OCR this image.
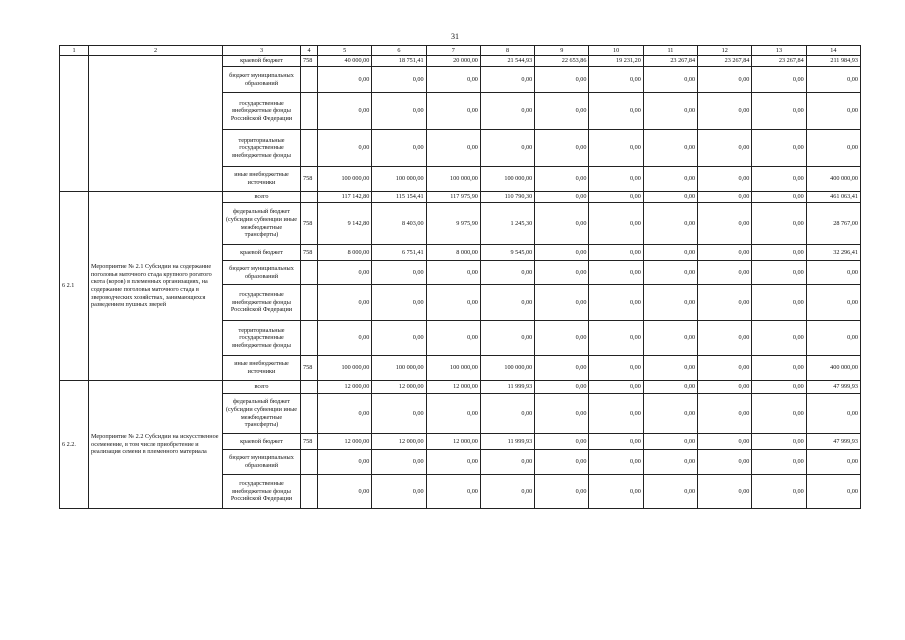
31
1	2	3	4	5	6	7	8	9	10	11	12	13	14
		краевой бюджет	758	40 000,00	18 751,41	20 000,00	21 544,93	22 653,86	19 231,20	23 267,84	23 267,84	23 267,84	211 984,93
		бюджет муниципальных образований		0,00	0,00	0,00	0,00	0,00	0,00	0,00	0,00	0,00	0,00
		государственные внебюджетные фонды Российской Федерации		0,00	0,00	0,00	0,00	0,00	0,00	0,00	0,00	0,00	0,00
		территориальные государственные внебюджетные фонды		0,00	0,00	0,00	0,00	0,00	0,00	0,00	0,00	0,00	0,00
		иные внебюджетные источники	758	100 000,00	100 000,00	100 000,00	100 000,00	0,00	0,00	0,00	0,00	0,00	400 000,00
6 2.1	Мероприятие № 2.1 Субсидии на содержание поголовья маточного стада крупного рогатого скота (коров) в племенных организациях, на содержание поголовья маточного стада в звероводческих хозяйствах, занимающихся разведением пушных зверей	всего		117 142,80	115 154,41	117 975,90	110 790,30	0,00	0,00	0,00	0,00	0,00	461 063,41
		федеральный бюджет (субсидии субвенции иные межбюджетные трансферты)	758	9 142,80	8 403,00	9 975,90	1 245,30	0,00	0,00	0,00	0,00	0,00	28 767,00
		краевой бюджет	758	8 000,00	6 751,41	8 000,00	9 545,00	0,00	0,00	0,00	0,00	0,00	32 296,41
		бюджет муниципальных образований		0,00	0,00	0,00	0,00	0,00	0,00	0,00	0,00	0,00	0,00
		государственные внебюджетные фонды Российской Федерации		0,00	0,00	0,00	0,00	0,00	0,00	0,00	0,00	0,00	0,00
		территориальные государственные внебюджетные фонды		0,00	0,00	0,00	0,00	0,00	0,00	0,00	0,00	0,00	0,00
		иные внебюджетные источники	758	100 000,00	100 000,00	100 000,00	100 000,00	0,00	0,00	0,00	0,00	0,00	400 000,00
6 2.2.	Мероприятие № 2.2 Субсидии на искусственное осеменение, в том числе приобретение и реализация семени в племенного материала	всего		12 000,00	12 000,00	12 000,00	11 999,93	0,00	0,00	0,00	0,00	0,00	47 999,93
		федеральный бюджет (субсидии субвенции иные межбюджетные трансферты)		0,00	0,00	0,00	0,00	0,00	0,00	0,00	0,00	0,00	0,00
		краевой бюджет	758	12 000,00	12 000,00	12 000,00	11 999,93	0,00	0,00	0,00	0,00	0,00	47 999,93
		бюджет муниципальных образований		0,00	0,00	0,00	0,00	0,00	0,00	0,00	0,00	0,00	0,00
		государственные внебюджетные фонды Российской Федерации		0,00	0,00	0,00	0,00	0,00	0,00	0,00	0,00	0,00	0,00
